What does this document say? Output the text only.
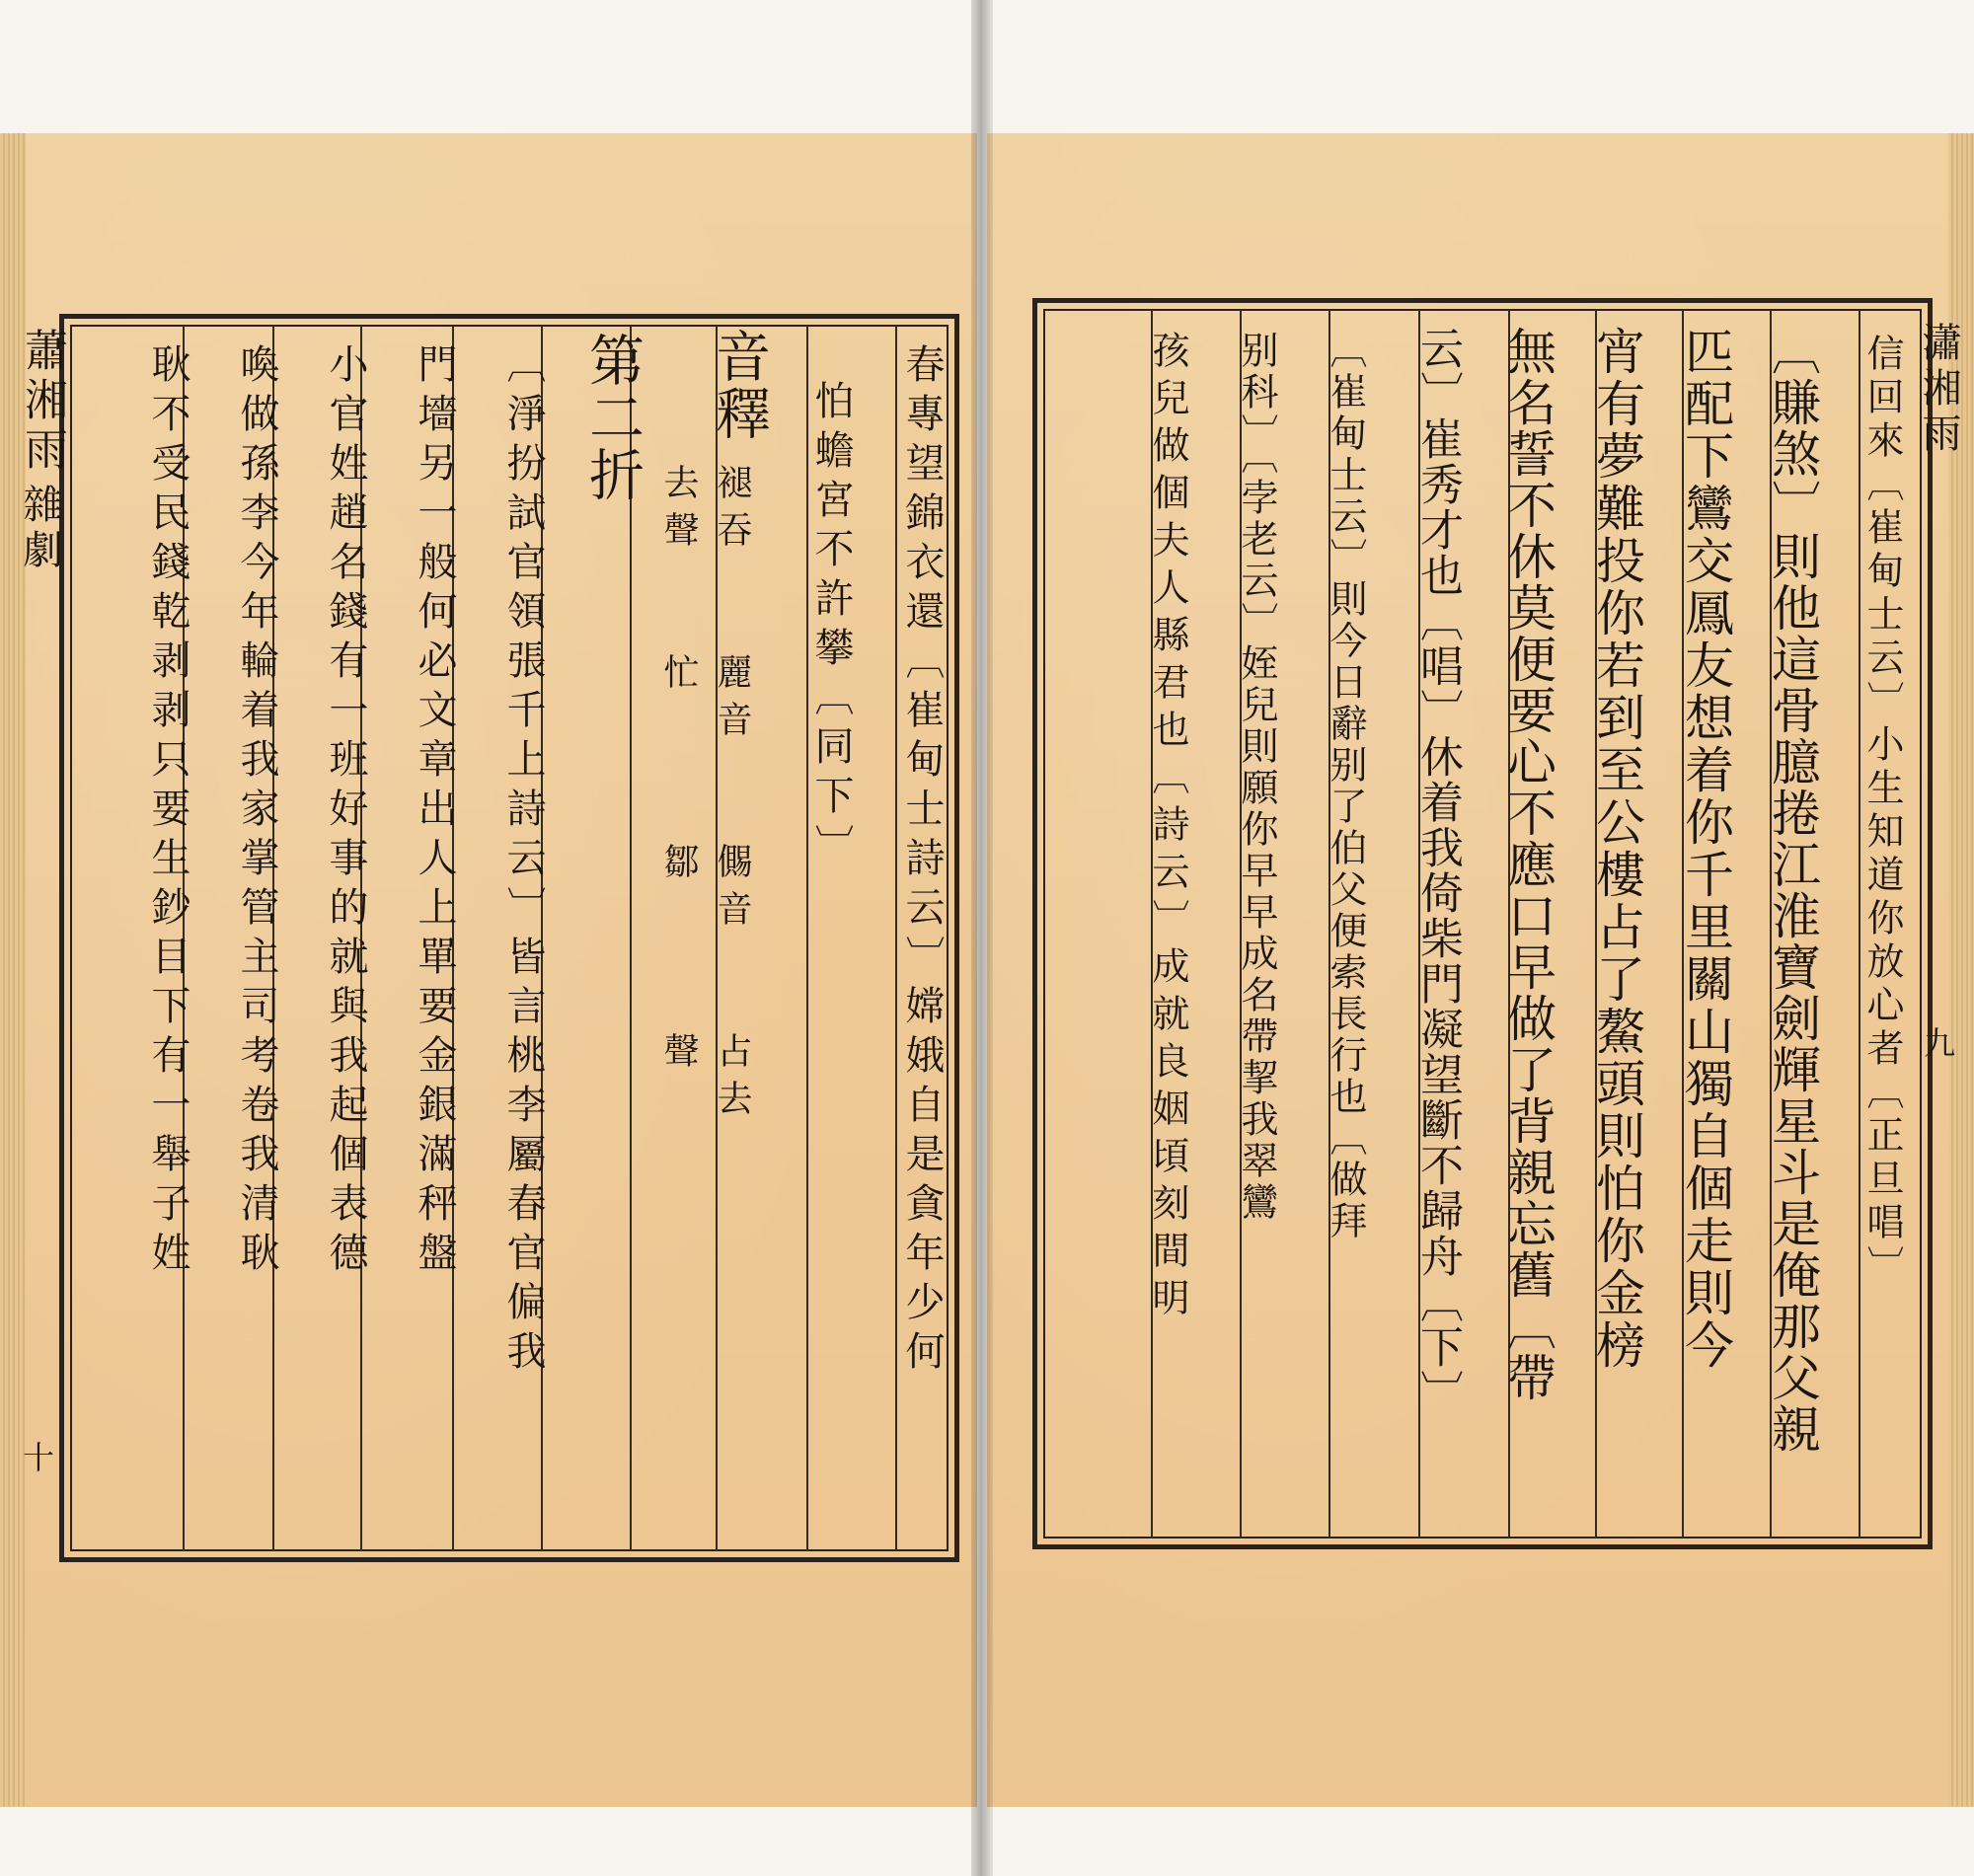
蕭湘雨
雜劇
十
春專望錦衣還〔崔甸士詩云〕嫦娥自是貪年少何
怕蟾宮不許攀〔同下〕
音釋
褪吞　　麗音　　儩音　　占去
去聲　　忙　　　鄒　　　聲
第二折
〔淨扮試官領張千上詩云〕皆言桃李屬春官偏我
門墻另一般何必文章出人上單要金銀滿秤盤
小官姓趙名錢有一班好事的就與我起個表德
喚做孫李今年輪着我家掌管主司考卷我清耿
耿不受民錢乾剥剥只要生鈔目下有一舉子姓	瀟湘雨
九
信回來〔崔甸士云〕小生知道你放心者〔正旦唱〕
〔賺煞〕則他這骨臆捲江淮寶劍輝星斗是俺那父親
匹配下鸞交鳳友想着你千里關山獨自個走則今
宵有夢難投你若到至公樓占了鰲頭則怕你金榜
無名誓不休莫便要心不應口早做了背親忘舊〔帶
云〕崔秀才也〔唱〕休着我倚柴門凝望斷不歸舟〔下〕
〔崔甸士云〕則今日辭别了伯父便索長行也〔做拜
别科〕〔孛老云〕姪兒則願你早早成名帶挈我翠鸞
孩兒做個夫人縣君也〔詩云〕成就良姻頃刻間明
